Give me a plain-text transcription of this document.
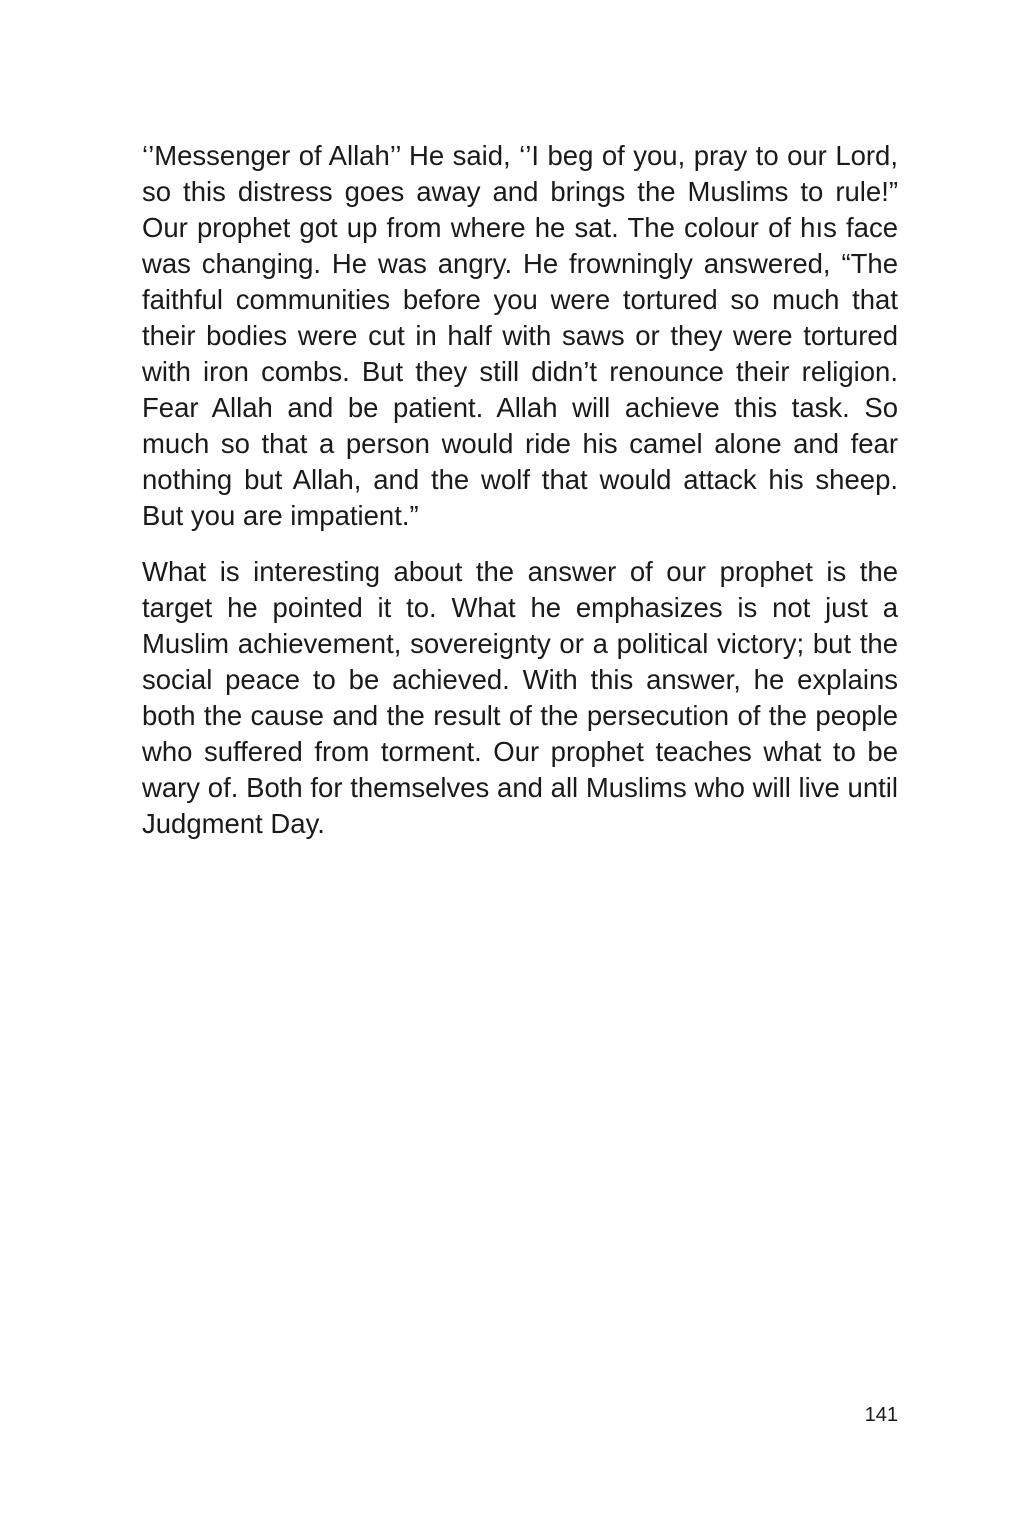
‘’Messenger of Allah’’ He said, ‘’I beg of you, pray to our Lord, so this distress goes away and brings the Muslims to rule!” Our prophet got up from where he sat. The colour of hıs face was changing. He was angry. He frowningly answered, “The faithful communities before you were tortured so much that their bodies were cut in half with saws or they were tortured with iron combs. But they still didn’t renounce their religion. Fear Allah and be patient. Allah will achieve this task. So much so that a person would ride his camel alone and fear nothing but Allah, and the wolf that would attack his sheep. But you are impatient.”

What is interesting about the answer of our prophet is the target he pointed it to. What he emphasizes is not just a Muslim achievement, sovereignty or a political victory; but the social peace to be achieved. With this answer, he explains both the cause and the result of the persecution of the people who suffered from torment. Our prophet teaches what to be wary of. Both for themselves and all Muslims who will live until Judgment Day.

141
